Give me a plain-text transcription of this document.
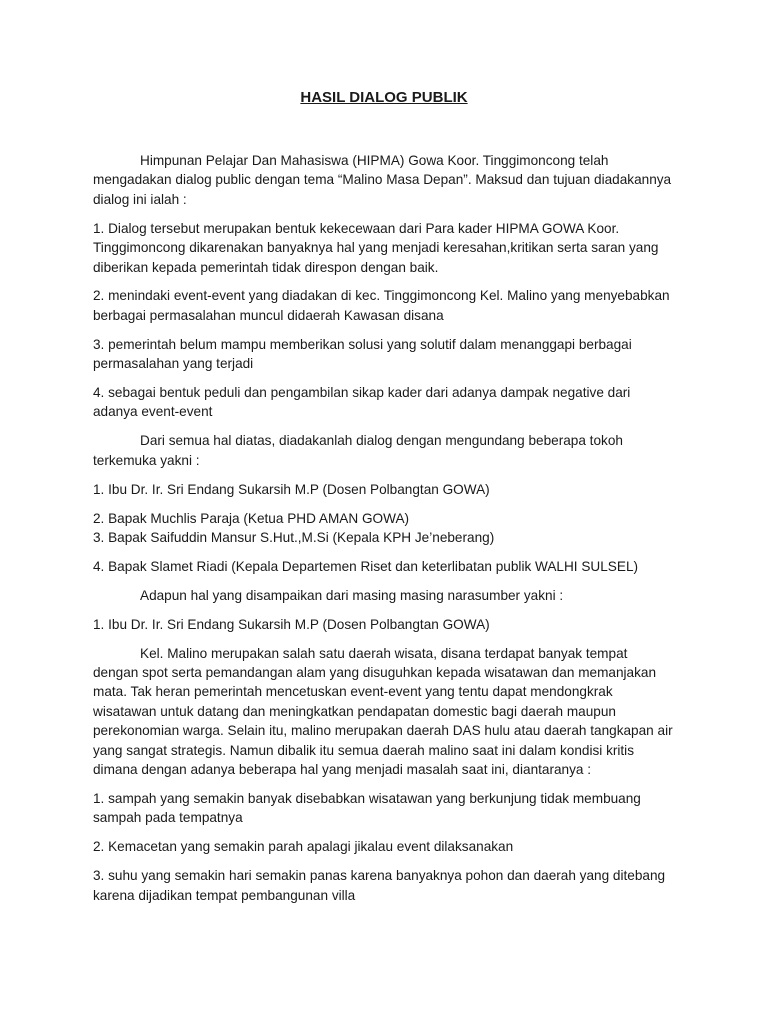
HASIL DIALOG PUBLIK

Himpunan Pelajar Dan Mahasiswa (HIPMA) Gowa Koor. Tinggimoncong telah mengadakan dialog public dengan tema “Malino Masa Depan”. Maksud dan tujuan diadakannya dialog ini ialah :

1. Dialog tersebut merupakan bentuk kekecewaan dari Para kader HIPMA GOWA Koor. Tinggimoncong dikarenakan banyaknya hal yang menjadi keresahan,kritikan serta saran yang diberikan kepada pemerintah tidak direspon dengan baik.

2. menindaki event-event yang diadakan di kec. Tinggimoncong Kel. Malino yang menyebabkan berbagai permasalahan muncul didaerah Kawasan disana

3. pemerintah belum mampu memberikan solusi yang solutif dalam menanggapi berbagai permasalahan yang terjadi

4. sebagai bentuk peduli dan pengambilan sikap kader dari adanya dampak negative dari adanya event-event

Dari semua hal diatas, diadakanlah dialog dengan mengundang beberapa tokoh terkemuka yakni :

1. Ibu Dr. Ir. Sri Endang Sukarsih M.P (Dosen Polbangtan GOWA)

2. Bapak Muchlis Paraja (Ketua PHD AMAN GOWA)

3. Bapak Saifuddin Mansur S.Hut.,M.Si (Kepala KPH Je’neberang)

4. Bapak Slamet Riadi (Kepala Departemen Riset dan keterlibatan publik WALHI SULSEL)

Adapun hal yang disampaikan dari masing masing narasumber yakni :

1. Ibu Dr. Ir. Sri Endang Sukarsih M.P (Dosen Polbangtan GOWA)

Kel. Malino merupakan salah satu daerah wisata, disana terdapat banyak tempat dengan spot serta pemandangan alam yang disuguhkan kepada wisatawan dan memanjakan mata. Tak heran pemerintah mencetuskan event-event yang tentu dapat mendongkrak wisatawan untuk datang dan meningkatkan pendapatan domestic bagi daerah maupun perekonomian warga. Selain itu, malino merupakan daerah DAS hulu atau daerah tangkapan air yang sangat strategis. Namun dibalik itu semua daerah malino saat ini dalam kondisi kritis dimana dengan adanya beberapa hal yang menjadi masalah saat ini, diantaranya :

1. sampah yang semakin banyak disebabkan wisatawan yang berkunjung tidak membuang sampah pada tempatnya

2. Kemacetan yang semakin parah apalagi jikalau event dilaksanakan

3. suhu yang semakin hari semakin panas karena banyaknya pohon dan daerah yang ditebang karena dijadikan tempat pembangunan villa
